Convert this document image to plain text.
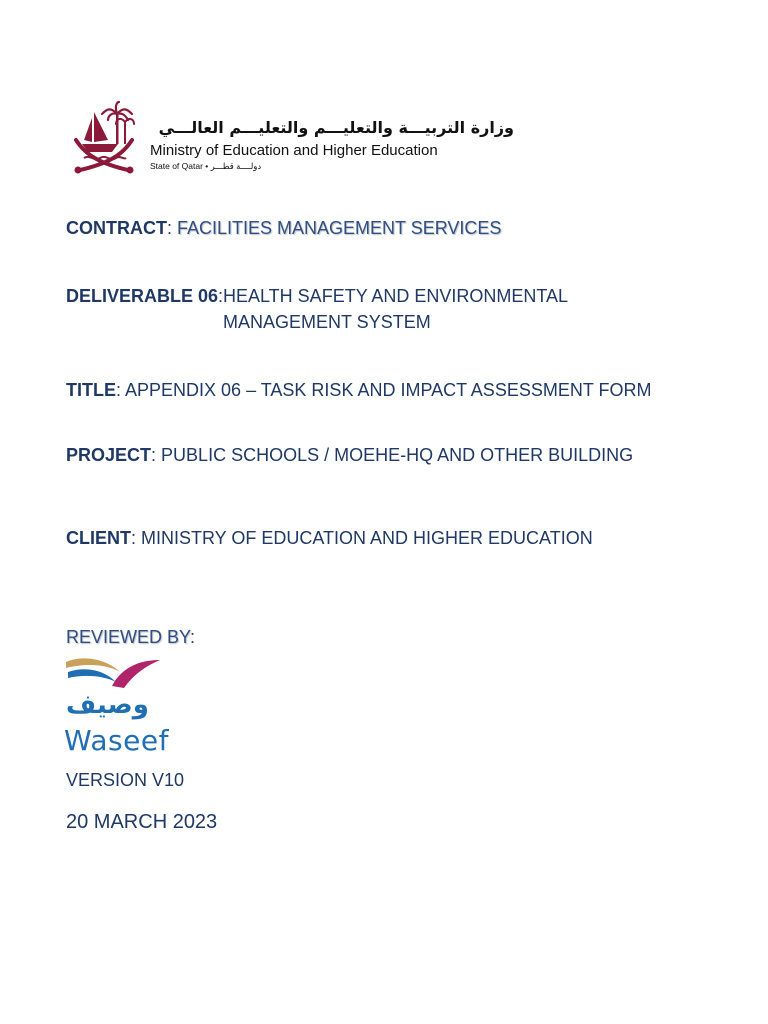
وزارة التربيـــة والتعليـــم والتعليـــم العالـــي
Ministry of Education and Higher Education
State of Qatar • دولــــة قطـــر
CONTRACT: FACILITIES MANAGEMENT SERVICES
DELIVERABLE 06: HEALTH SAFETY AND ENVIRONMENTAL
MANAGEMENT SYSTEM
TITLE: APPENDIX 06 – TASK RISK AND IMPACT ASSESSMENT FORM
PROJECT: PUBLIC SCHOOLS / MOEHE-HQ AND OTHER BUILDING
CLIENT: MINISTRY OF EDUCATION AND HIGHER EDUCATION
REVIEWED BY:
وصيف
Waseef
VERSION V10
20 MARCH 2023
